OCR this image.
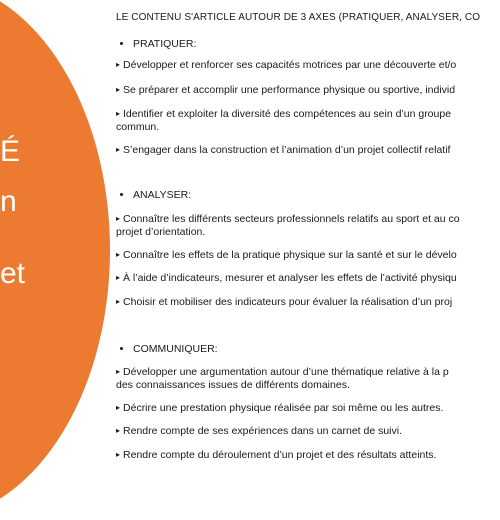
É
n
et
LE CONTENU S'ARTICLE AUTOUR DE 3 AXES (PRATIQUER, ANALYSER, CO
PRATIQUER:
▸ Développer et renforcer ses capacités motrices par une découverte et/o
▸ Se préparer et accomplir une performance physique ou sportive, individ
▸ Identifier et exploiter la diversité des compétences au sein d’un groupe
commun.
▸ S’engager dans la construction et l’animation d’un projet collectif relatif
ANALYSER:
▸ Connaître les différents secteurs professionnels relatifs au sport et au co
projet d’orientation.
▸ Connaître les effets de la pratique physique sur la santé et sur le dévelo
▸ À l’aide d’indicateurs, mesurer et analyser les effets de l’activité physiqu
▸ Choisir et mobiliser des indicateurs pour évaluer la réalisation d’un proj
COMMUNIQUER:
▸ Développer une argumentation autour d’une thématique relative à la p
des connaissances issues de différents domaines.
▸ Décrire une prestation physique réalisée par soi même ou les autres.
▸ Rendre compte de ses expériences dans un carnet de suivi.
▸ Rendre compte du déroulement d’un projet et des résultats atteints.
